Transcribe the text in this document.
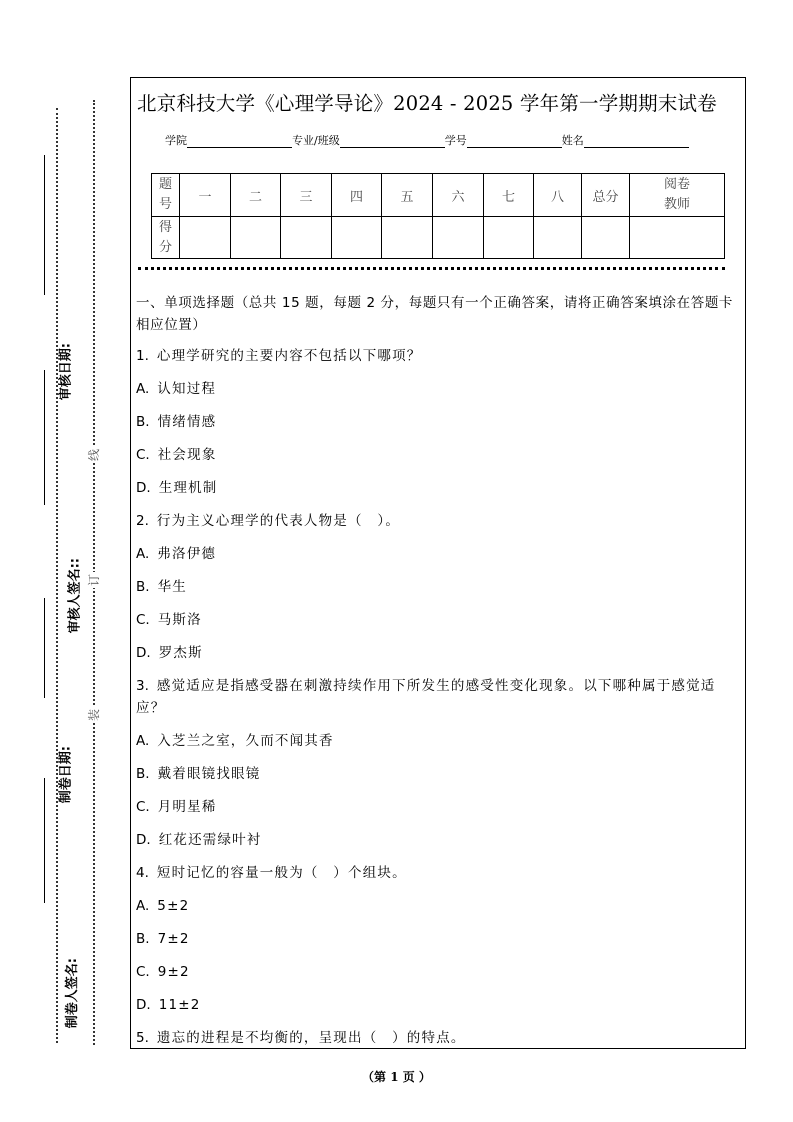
线
订
装
审核日期:
审核人签名::
制卷日期:
制卷人签名:
北京科技大学《心理学导论》2024 - 2025 学年第一学期期末试卷
学院	专业/班级	学号	姓名
题
号	一	二	三	四	五	六	七	八	总分	阅卷
教师

得
分										

一、单项选择题（总共 15 题，每题 2 分，每题只有一个正确答案，请将正确答案填涂在答题卡相应位置）
1. 心理学研究的主要内容不包括以下哪项？
A. 认知过程
B. 情绪情感
C. 社会现象
D. 生理机制
2. 行为主义心理学的代表人物是（　）。
A. 弗洛伊德
B. 华生
C. 马斯洛
D. 罗杰斯
3. 感觉适应是指感受器在刺激持续作用下所发生的感受性变化现象。以下哪种属于感觉适应？
A. 入芝兰之室，久而不闻其香
B. 戴着眼镜找眼镜
C. 月明星稀
D. 红花还需绿叶衬
4. 短时记忆的容量一般为（　）个组块。
A. 5±2
B. 7±2
C. 9±2
D. 11±2
5. 遗忘的进程是不均衡的，呈现出（　）的特点。
（第 1 页 ）
